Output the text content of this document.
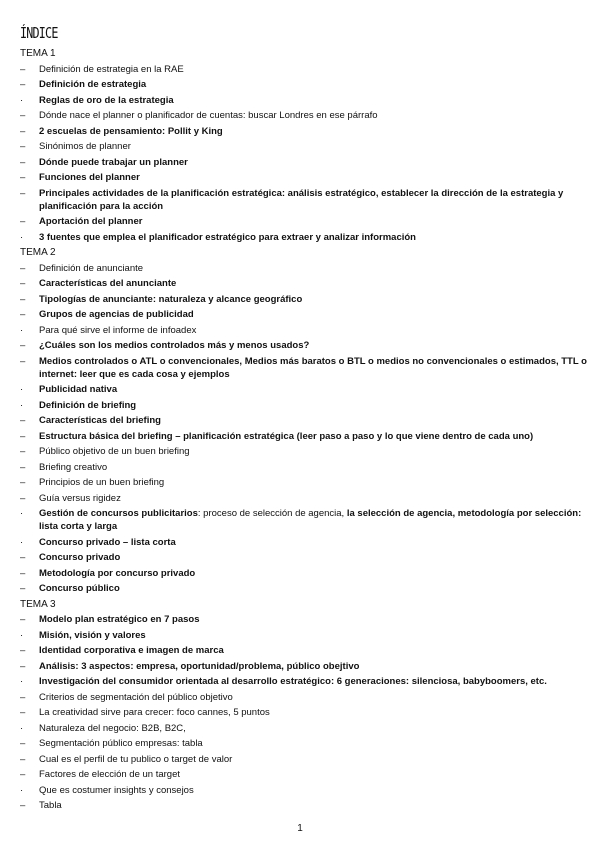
ÍNDICE
TEMA 1
–	Definición de estrategia en la RAE
–	Definición de estrategia
·	Reglas de oro de la estrategia
–	Dónde nace el planner o planificador de cuentas: buscar Londres en ese párrafo
–	2 escuelas de pensamiento: Pollit y King
–	Sinónimos de planner
–	Dónde puede trabajar un planner
–	Funciones del planner
–	Principales actividades de la planificación estratégica: análisis estratégico, establecer la dirección de la estrategia y planificación para la acción
–	Aportación del planner
·	3 fuentes que emplea el planificador estratégico para extraer y analizar información
TEMA 2
–	Definición de anunciante
–	Características del anunciante
–	Tipologías de anunciante: naturaleza y alcance geográfico
–	Grupos de agencias de publicidad
·	Para qué sirve el informe de infoadex
–	¿Cuáles son los medios controlados más y menos usados?
–	Medios controlados o ATL o convencionales, Medios más baratos o BTL o medios no convencionales o estimados, TTL o internet: leer que es cada cosa y ejemplos
·	Publicidad nativa
·	Definición de briefing
–	Características del briefing
–	Estructura básica del briefing – planificación estratégica (leer paso a paso y lo que viene dentro de cada uno)
–	Público objetivo de un buen briefing
–	Briefing creativo
–	Principios de un buen briefing
–	Guía versus rigidez
·	Gestión de concursos publicitarios: proceso de selección de agencia, la selección de agencia, metodología por selección: lista corta y larga
·	Concurso privado – lista corta
–	Concurso privado
–	Metodología por concurso privado
–	Concurso público
TEMA 3
–	Modelo plan estratégico en 7 pasos
·	Misión, visión y valores
–	Identidad corporativa e imagen de marca
–	Análisis: 3 aspectos: empresa, oportunidad/problema, público obejtivo
·	Investigación del consumidor orientada al desarrollo estratégico: 6 generaciones: silenciosa, babyboomers, etc.
–	Criterios de segmentación del público objetivo
–	La creatividad sirve para crecer: foco cannes, 5 puntos
·	Naturaleza del negocio: B2B, B2C,
–	Segmentación público empresas: tabla
–	Cual es el perfil de tu publico o target de valor
–	Factores de elección de un target
·	Que es costumer insights y consejos
–	Tabla
1
